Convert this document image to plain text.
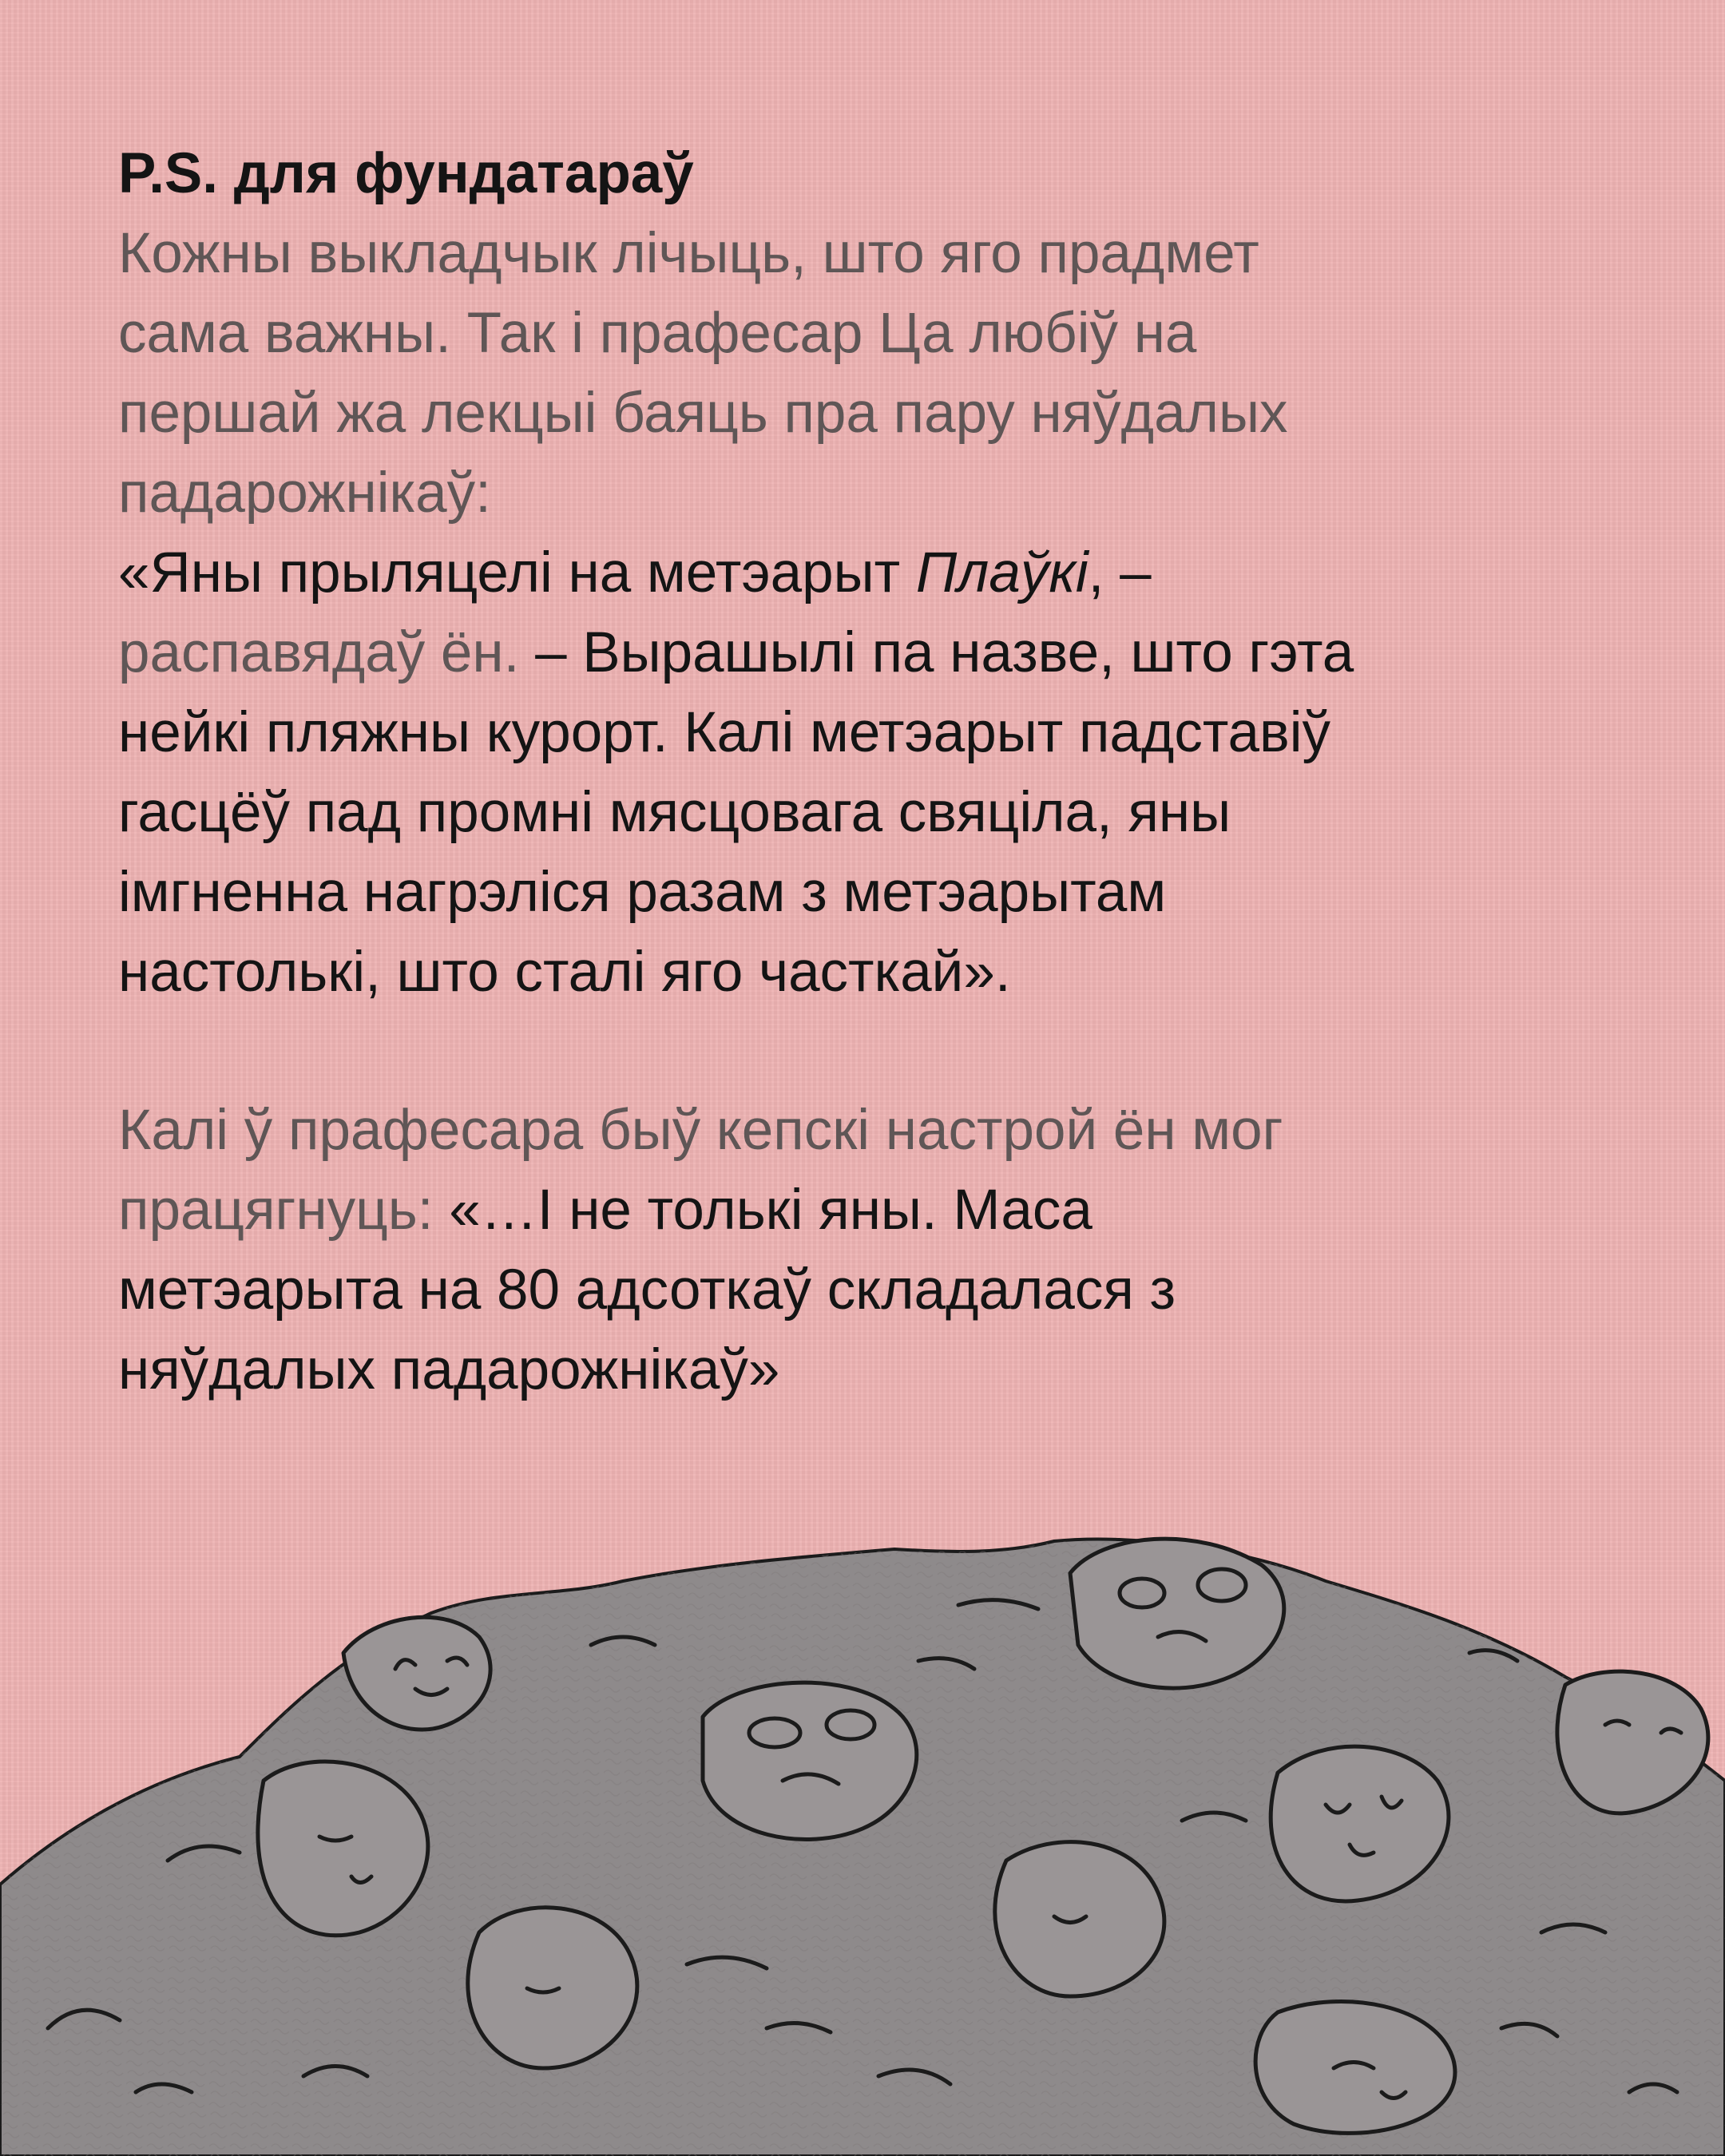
P.S. для фундатараў
Кожны выкладчык лічыць, што яго прадмет
сама важны. Так і прафесар Ца любіў на
першай жа лекцыі баяць пра пару няўдалых
падарожнікаў:
«Яны прыляцелі на метэарыт Плаўкі, –
распавядаў ён. – Вырашылі па назве, што гэта
нейкі пляжны курорт. Калі метэарыт падставіў
гасцёў пад промні мясцовага свяціла, яны
імгненна нагрэліся разам з метэарытам
настолькі, што сталі яго часткай».
Калі ў прафесара быў кепскі настрой ён мог
працягнуць: «…І не толькі яны. Маса
метэарыта на 80 адсоткаў складалася з
няўдалых падарожнікаў»
